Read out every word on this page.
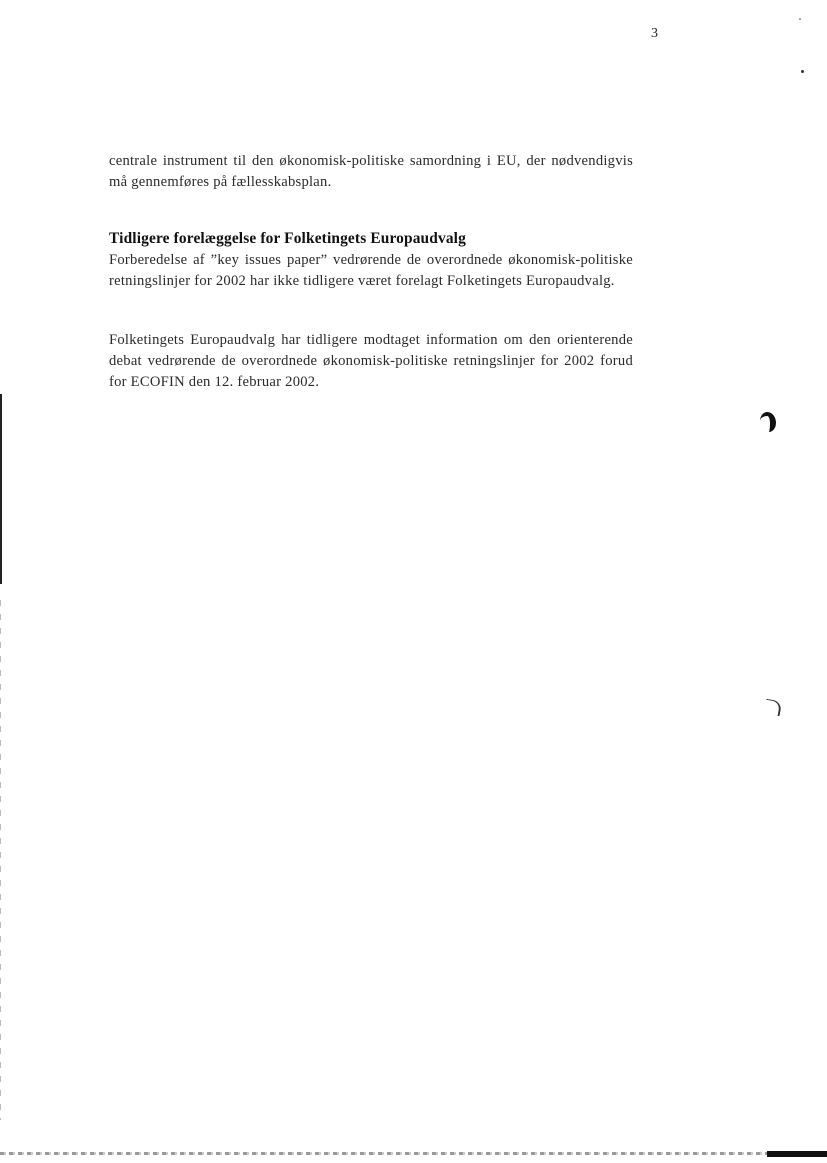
3

centrale instrument til den økonomisk-politiske samordning i EU, der nødvendigvis må gennemføres på fællesskabsplan.

Tidligere forelæggelse for Folketingets Europaudvalg

Forberedelse af ”key issues paper” vedrørende de overordnede økonomisk-politiske retningslinjer for 2002 har ikke tidligere været forelagt Folketingets Europaudvalg.

Folketingets Europaudvalg har tidligere modtaget information om den orienterende debat vedrørende de overordnede økonomisk-politiske retningslinjer for 2002 forud for ECOFIN den 12. februar 2002.
